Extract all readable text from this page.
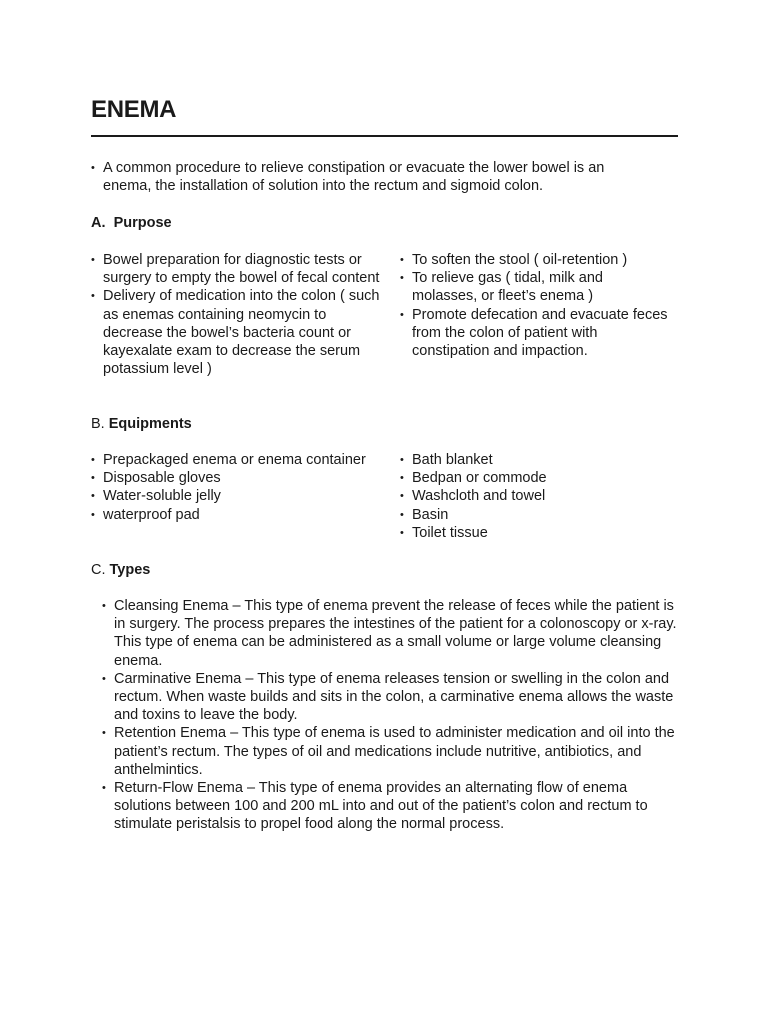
ENEMA
• A common procedure to relieve constipation or evacuate the lower bowel is an enema, the installation of solution into the rectum and sigmoid colon.
A. Purpose
• Bowel preparation for diagnostic tests or surgery to empty the bowel of fecal content
• Delivery of medication into the colon ( such as enemas containing neomycin to decrease the bowel’s bacteria count or kayexalate exam to decrease the serum potassium level )
• To soften the stool ( oil-retention )
• To relieve gas ( tidal, milk and molasses, or fleet’s enema )
• Promote defecation and evacuate feces from the colon of patient with constipation and impaction.
B. Equipments
• Prepackaged enema or enema container
• Disposable gloves
• Water-soluble jelly
• waterproof pad
• Bath blanket
• Bedpan or commode
• Washcloth and towel
• Basin
• Toilet tissue
C. Types
• Cleansing Enema – This type of enema prevent the release of feces while the patient is in surgery. The process prepares the intestines of the patient for a colonoscopy or x-ray. This type of enema can be administered as a small volume or large volume cleansing enema.
• Carminative Enema – This type of enema releases tension or swelling in the colon and rectum. When waste builds and sits in the colon, a carminative enema allows the waste and toxins to leave the body.
• Retention Enema – This type of enema is used to administer medication and oil into the patient’s rectum. The types of oil and medications include nutritive, antibiotics, and anthelmintics.
• Return-Flow Enema – This type of enema provides an alternating flow of enema solutions between 100 and 200 mL into and out of the patient’s colon and rectum to stimulate peristalsis to propel food along the normal process.
